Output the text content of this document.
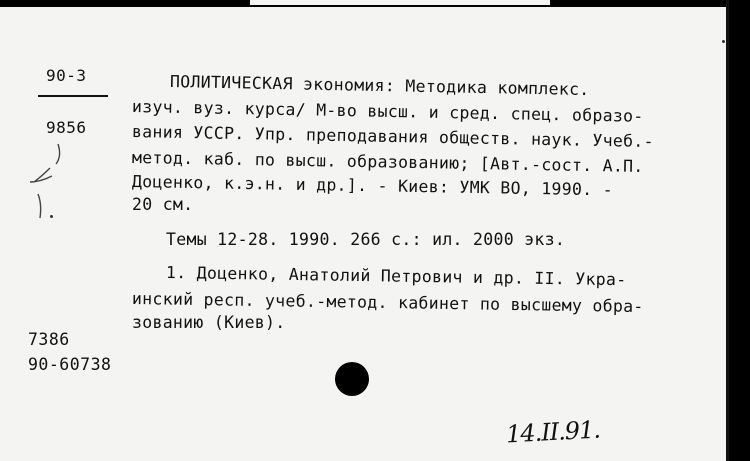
90-3
9856
ПОЛИТИЧЕСКАЯ экономия: Методика комплекс.
изуч. вуз. курса/ М-во высш. и сред. спец. образо-
вания УССР. Упр. преподавания обществ. наук. Учеб.-
метод. каб. по высш. образованию; [Авт.-сост. А.П.
Доценко, к.э.н. и др.]. - Киев: УМК ВО, 1990. -
20 см.
Темы 12-28. 1990. 266 с.: ил. 2000 экз.
1. Доценко, Анатолий Петрович и др. II. Укра-
инский респ. учеб.-метод. кабинет по высшему обра-
зованию (Киев).
7386
90-60738
14.II.91.
